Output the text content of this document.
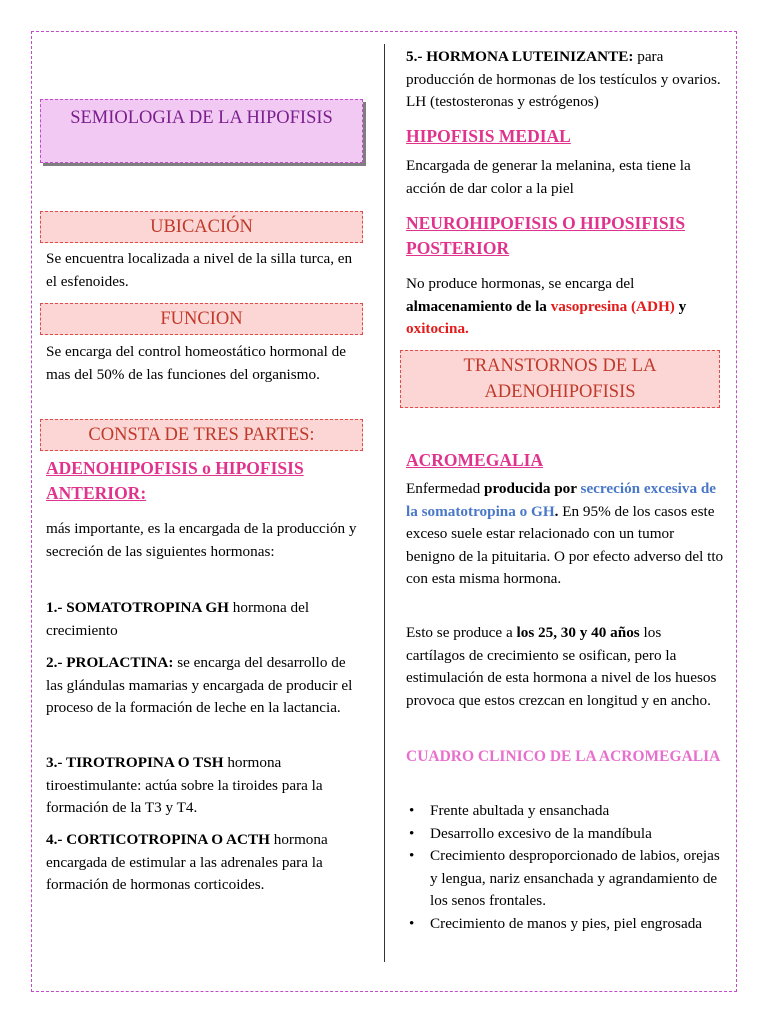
SEMIOLOGIA DE LA HIPOFISIS
UBICACIÓN

Se encuentra localizada a nivel de la silla turca, en el esfenoides.

FUNCION

Se encarga del control homeostático hormonal de mas del 50% de las funciones del organismo.

CONSTA DE TRES PARTES:

ADENOHIPOFISIS o HIPOFISIS ANTERIOR:

más importante, es la encargada de la producción y secreción de las siguientes hormonas:

1.- SOMATOTROPINA GH hormona del crecimiento

2.- PROLACTINA: se encarga del desarrollo de las glándulas mamarias y encargada de producir el proceso de la formación de leche en la lactancia.

3.- TIROTROPINA O TSH hormona tiroestimulante: actúa sobre la tiroides para la formación de la T3 y T4.

4.- CORTICOTROPINA O ACTH hormona encargada de estimular a las adrenales para la formación de hormonas corticoides.

5.- HORMONA LUTEINIZANTE: para producción de hormonas de los testículos y ovarios. LH (testosteronas y estrógenos)

HIPOFISIS MEDIAL

Encargada de generar la melanina, esta tiene la acción de dar color a la piel

NEUROHIPOFISIS O HIPOSIFISIS POSTERIOR

No produce hormonas, se encarga del almacenamiento de la vasopresina (ADH) y oxitocina.

TRANSTORNOS DE LA ADENOHIPOFISIS

ACROMEGALIA

Enfermedad producida por secreción excesiva de la somatotropina o GH. En 95% de los casos este exceso suele estar relacionado con un tumor benigno de la pituitaria. O por efecto adverso del tto con esta misma hormona.

Esto se produce a los 25, 30 y 40 años los cartílagos de crecimiento se osifican, pero la estimulación de esta hormona a nivel de los huesos provoca que estos crezcan en longitud y en ancho.

CUADRO CLINICO DE LA ACROMEGALIA

• Frente abultada y ensanchada
• Desarrollo excesivo de la mandíbula
• Crecimiento desproporcionado de labios, orejas y lengua, nariz ensanchada y agrandamiento de los senos frontales.
• Crecimiento de manos y pies, piel engrosada
